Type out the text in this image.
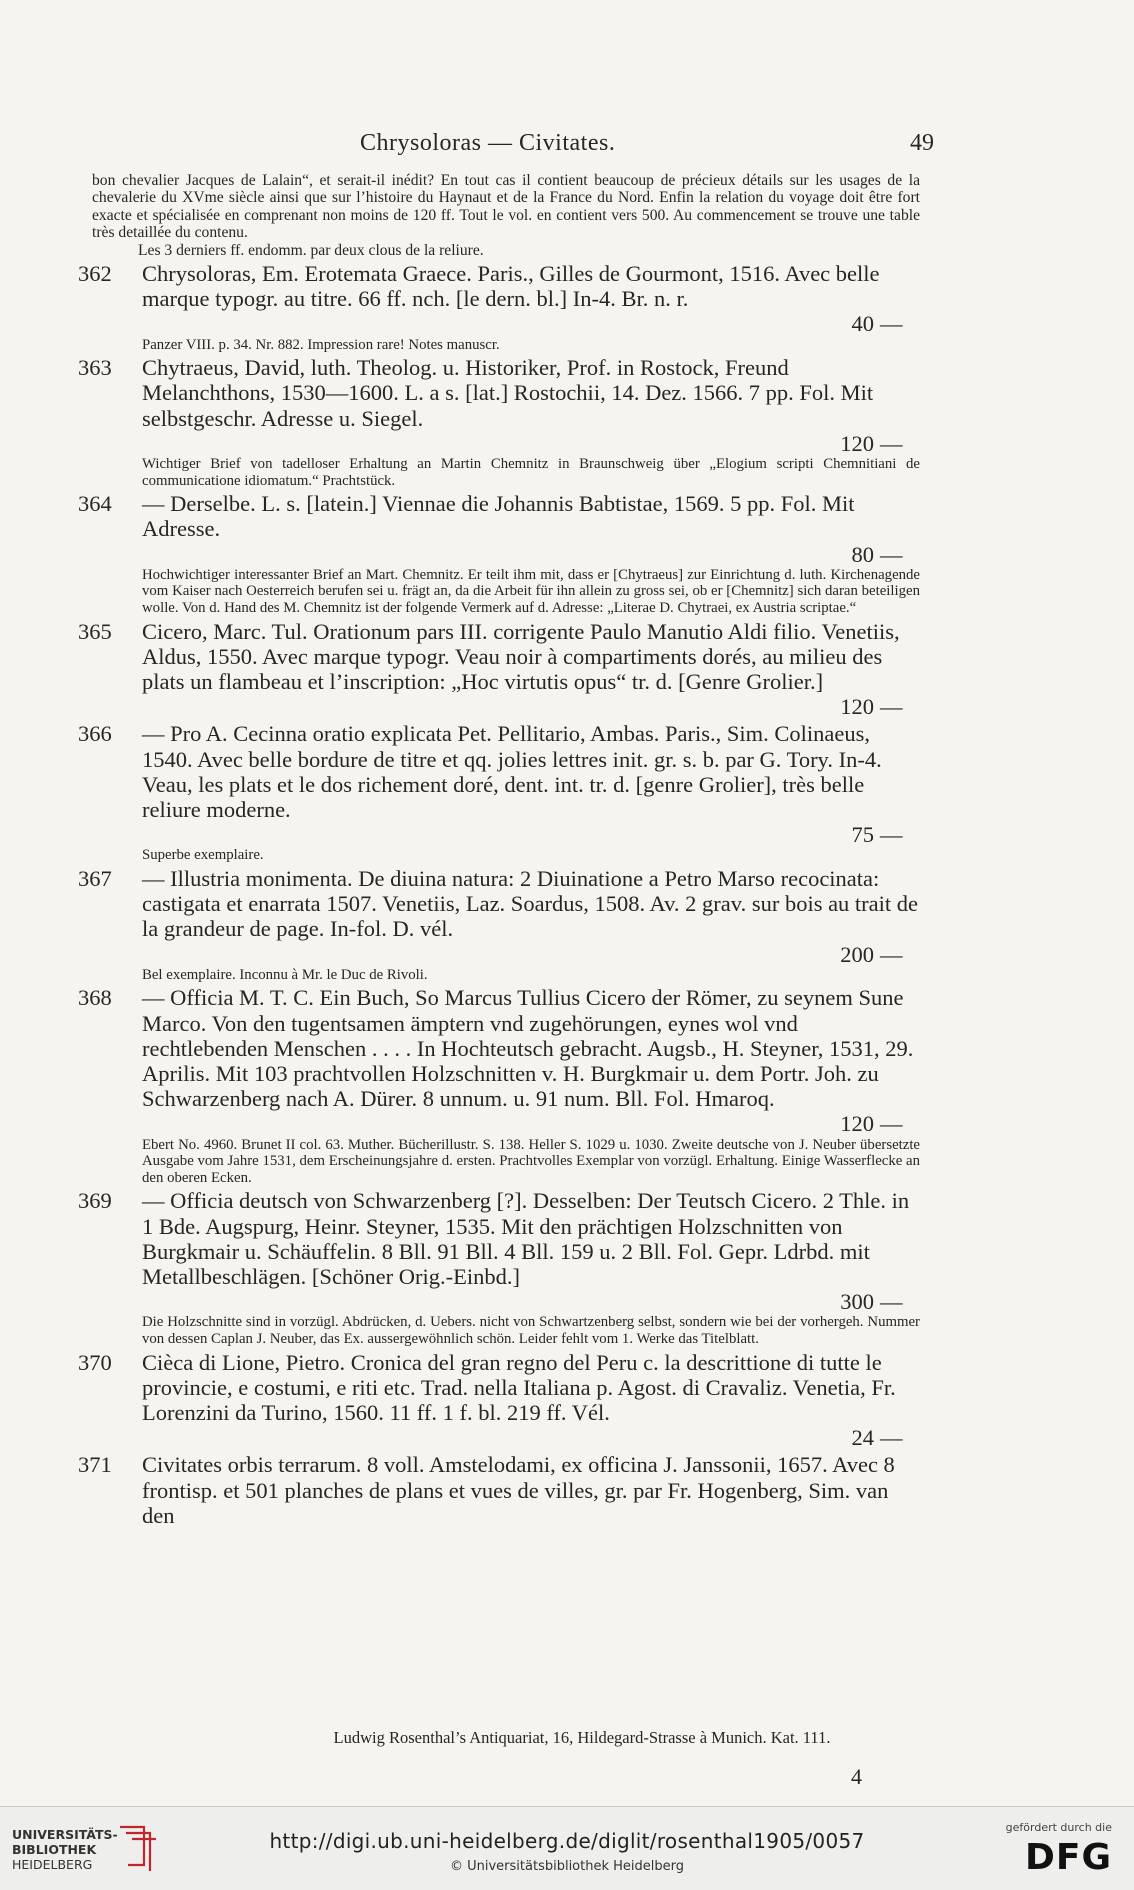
Chrysoloras — Civitates.	49

bon chevalier Jacques de Lalain“, et serait-il inédit? En tout cas il contient beaucoup de précieux détails sur les usages de la chevalerie du XVme siècle ainsi que sur l’histoire du Haynaut et de la France du Nord. Enfin la relation du voyage doit être fort exacte et spécialisée en comprenant non moins de 120 ff. Tout le vol. en contient vers 500. Au commencement se trouve une table très detaillée du contenu.

Les 3 derniers ff. endomm. par deux clous de la reliure.

362 Chrysoloras, Em. Erotemata Graece. Paris., Gilles de Gourmont, 1516. Avec belle marque typogr. au titre. 66 ff. nch. [le dern. bl.] In-4. Br. n. r.
40 —
Panzer VIII. p. 34. Nr. 882. Impression rare! Notes manuscr.
363 Chytraeus, David, luth. Theolog. u. Historiker, Prof. in Rostock, Freund Melanchthons, 1530—1600. L. a s. [lat.] Rostochii, 14. Dez. 1566. 7 pp. Fol. Mit selbstgeschr. Adresse u. Siegel.
120 —
Wichtiger Brief von tadelloser Erhaltung an Martin Chemnitz in Braunschweig über „Elogium scripti Chemnitiani de communicatione idiomatum.“ Prachtstück.
364 — Derselbe. L. s. [latein.] Viennae die Johannis Babtistae, 1569. 5 pp. Fol. Mit Adresse.
80 —
Hochwichtiger interessanter Brief an Mart. Chemnitz. Er teilt ihm mit, dass er [Chytraeus] zur Einrichtung d. luth. Kirchenagende vom Kaiser nach Oesterreich berufen sei u. frägt an, da die Arbeit für ihn allein zu gross sei, ob er [Chemnitz] sich daran beteiligen wolle. Von d. Hand des M. Chemnitz ist der folgende Vermerk auf d. Adresse: „Literae D. Chytraei, ex Austria scriptae.“
365 Cicero, Marc. Tul. Orationum pars III. corrigente Paulo Manutio Aldi filio. Venetiis, Aldus, 1550. Avec marque typogr. Veau noir à compartiments dorés, au milieu des plats un flambeau et l’inscription: „Hoc virtutis opus“ tr. d. [Genre Grolier.]
120 —
366 — Pro A. Cecinna oratio explicata Pet. Pellitario, Ambas. Paris., Sim. Colinaeus, 1540. Avec belle bordure de titre et qq. jolies lettres init. gr. s. b. par G. Tory. In-4. Veau, les plats et le dos richement doré, dent. int. tr. d. [genre Grolier], très belle reliure moderne.
75 —
Superbe exemplaire.
367 — Illustria monimenta. De diuina natura: 2 Diuinatione a Petro Marso recocinata: castigata et enarrata 1507. Venetiis, Laz. Soardus, 1508. Av. 2 grav. sur bois au trait de la grandeur de page. In-fol. D. vél.
200 —
Bel exemplaire. Inconnu à Mr. le Duc de Rivoli.
368 — Officia M. T. C. Ein Buch, So Marcus Tullius Cicero der Römer, zu seynem Sune Marco. Von den tugentsamen ämptern vnd zugehörungen, eynes wol vnd rechtlebenden Menschen . . . . In Hochteutsch gebracht. Augsb., H. Steyner, 1531, 29. Aprilis. Mit 103 prachtvollen Holzschnitten v. H. Burgkmair u. dem Portr. Joh. zu Schwarzenberg nach A. Dürer. 8 unnum. u. 91 num. Bll. Fol. Hmaroq.
120 —
Ebert No. 4960. Brunet II col. 63. Muther. Bücherillustr. S. 138. Heller S. 1029 u. 1030. Zweite deutsche von J. Neuber übersetzte Ausgabe vom Jahre 1531, dem Erscheinungsjahre d. ersten. Prachtvolles Exemplar von vorzügl. Erhaltung. Einige Wasserflecke an den oberen Ecken.
369 — Officia deutsch von Schwarzenberg [?]. Desselben: Der Teutsch Cicero. 2 Thle. in 1 Bde. Augspurg, Heinr. Steyner, 1535. Mit den prächtigen Holzschnitten von Burgkmair u. Schäuffelin. 8 Bll. 91 Bll. 4 Bll. 159 u. 2 Bll. Fol. Gepr. Ldrbd. mit Metallbeschlägen. [Schöner Orig.-Einbd.]
300 —
Die Holzschnitte sind in vorzügl. Abdrücken, d. Uebers. nicht von Schwartzenberg selbst, sondern wie bei der vorhergeh. Nummer von dessen Caplan J. Neuber, das Ex. aussergewöhnlich schön. Leider fehlt vom 1. Werke das Titelblatt.
370 Cièca di Lione, Pietro. Cronica del gran regno del Peru c. la descrittione di tutte le provincie, e costumi, e riti etc. Trad. nella Italiana p. Agost. di Cravaliz. Venetia, Fr. Lorenzini da Turino, 1560. 11 ff. 1 f. bl. 219 ff. Vél.
24 —
371 Civitates orbis terrarum. 8 voll. Amstelodami, ex officina J. Janssonii, 1657. Avec 8 frontisp. et 501 planches de plans et vues de villes, gr. par Fr. Hogenberg, Sim. van den
Ludwig Rosenthal’s Antiquariat, 16, Hildegard-Strasse à Munich. Kat. 111.
4
UNIVERSITÄTS-
BIBLIOTHEK
HEIDELBERG
http://digi.ub.uni-heidelberg.de/diglit/rosenthal1905/0057
© Universitätsbibliothek Heidelberg
gefördert durch die
DFG
